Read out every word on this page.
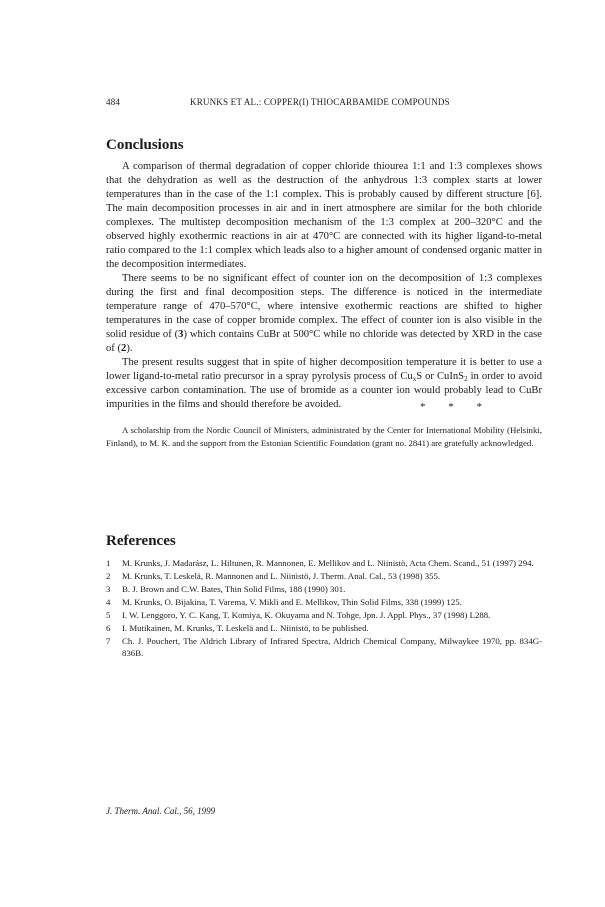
484	KRUNKS ET AL.: COPPER(I) THIOCARBAMIDE COMPOUNDS
Conclusions

A comparison of thermal degradation of copper chloride thiourea 1:1 and 1:3 complexes shows that the dehydration as well as the destruction of the anhydrous 1:3 complex starts at lower temperatures than in the case of the 1:1 complex. This is probably caused by different structure [6]. The main decomposition processes in air and in inert atmosphere are similar for the both chloride complexes. The multistep decomposition mechanism of the 1:3 complex at 200–320°C and the observed highly exothermic reactions in air at 470°C are connected with its higher ligand-to-metal ratio compared to the 1:1 complex which leads also to a higher amount of condensed organic matter in the decomposition intermediates.

There seems to be no significant effect of counter ion on the decomposition of 1:3 complexes during the first and final decomposition steps. The difference is noticed in the intermediate temperature range of 470–570°C, where intensive exothermic reactions are shifted to higher temperatures in the case of copper bromide complex. The effect of counter ion is also visible in the solid residue of (3) which contains CuBr at 500°C while no chloride was detected by XRD in the case of (2).

The present results suggest that in spite of higher decomposition temperature it is better to use a lower ligand-to-metal ratio precursor in a spray pyrolysis process of $Cu_xS$ or CuInS$_2$ in order to avoid excessive carbon contamination. The use of bromide as a counter ion would probably lead to CuBr impurities in the films and should therefore be avoided.	* * *
A scholarship from the Nordic Council of Ministers, administrated by the Center for International Mobility (Helsinki, Finland), to M. K. and the support from the Estonian Scientific Foundation (grant no. 2841) are gratefully acknowledged.
References
1 M. Krunks, J. Madarász, L. Hiltunen, R. Mannonen, E. Mellikov and L. Niinistö, Acta Chem. Scand., 51 (1997) 294.
2 M. Krunks, T. Leskelä, R. Mannonen and L. Niinistö, J. Therm. Anal. Cal., 53 (1998) 355.
3 B. J. Brown and C.W. Bates, Thin Solid Films, 188 (1990) 301.
4 M. Krunks, O. Bijakina, T. Varema, V. Mikli and E. Mellikov, Thin Solid Films, 338 (1999) 125.
5 I. W. Lenggoro, Y. C. Kang, T. Komiya, K. Okuyama and N. Tohge, Jpn. J. Appl. Phys., 37 (1998) L288.
6 I. Mutikainen, M. Krunks, T. Leskelä and L. Niinistö, to be published.
7 Ch. J. Pouchert, The Aldrich Library of Infrared Spectra, Aldrich Chemical Company, Milwaykee 1970, pp. 834G-836B.
J. Therm. Anal. Cal., 56, 1999
